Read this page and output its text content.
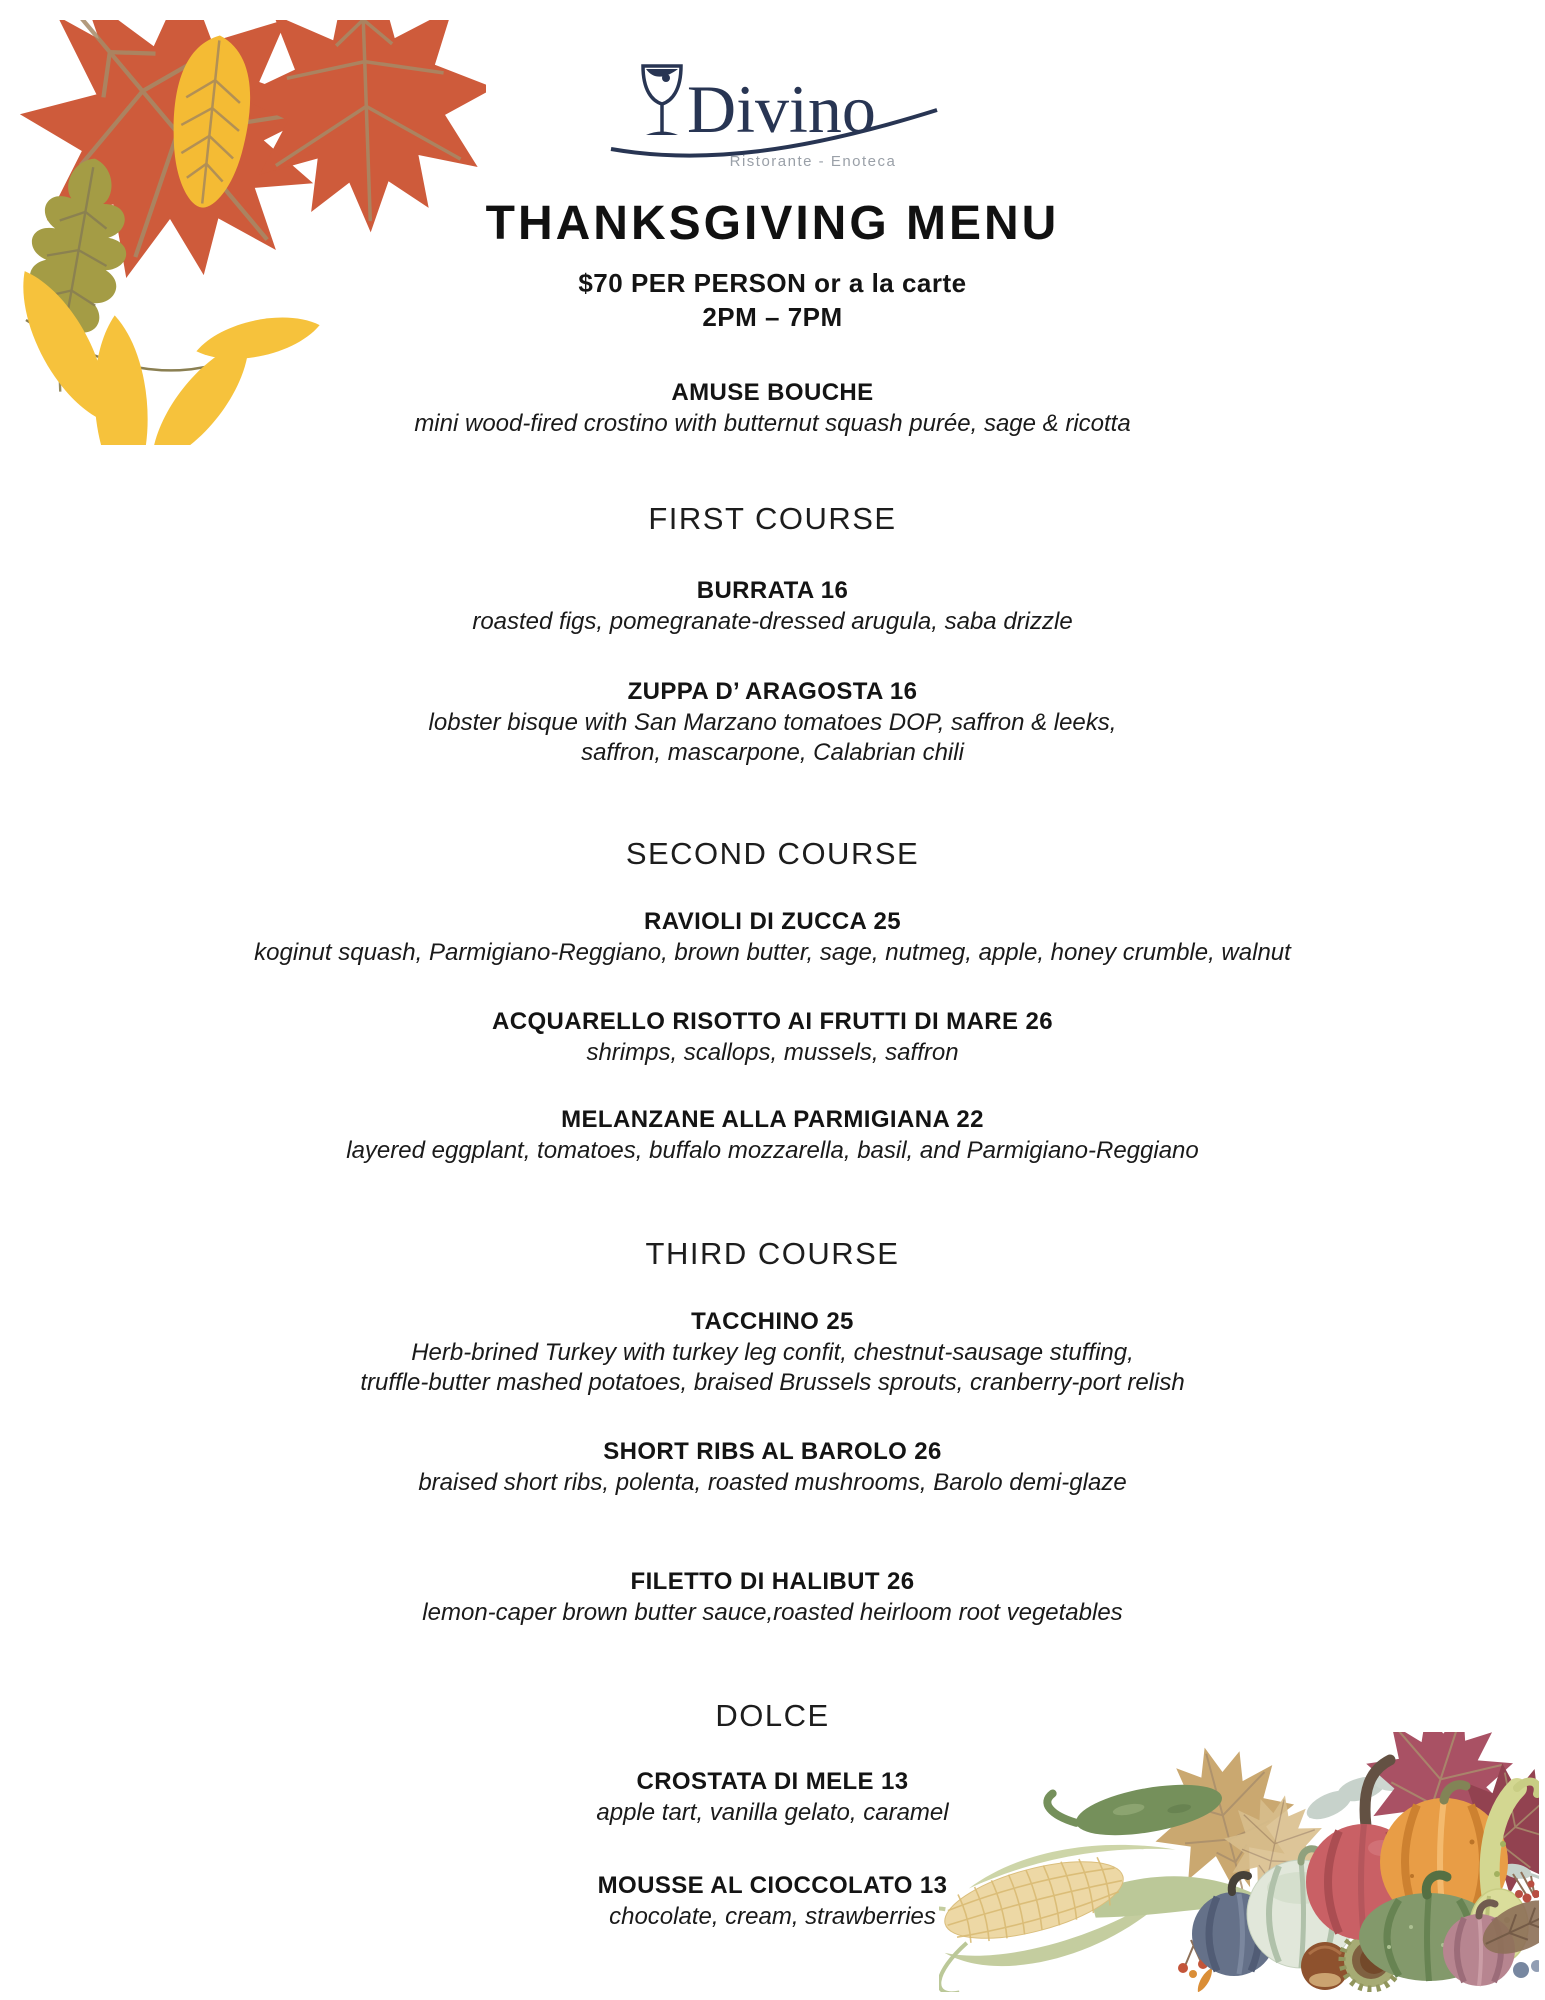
Divino
Ristorante - Enoteca
THANKSGIVING MENU
$70 PER PERSON or a la carte
2PM – 7PM
AMUSE BOUCHE
mini wood-fired crostino with butternut squash purée, sage & ricotta
FIRST COURSE
BURRATA 16
roasted figs, pomegranate-dressed arugula, saba drizzle
ZUPPA D’ ARAGOSTA 16
lobster bisque with San Marzano tomatoes DOP, saffron & leeks,
saffron, mascarpone, Calabrian chili
SECOND COURSE
RAVIOLI DI ZUCCA 25
koginut squash, Parmigiano-Reggiano, brown butter, sage, nutmeg, apple, honey crumble, walnut
ACQUARELLO RISOTTO AI FRUTTI DI MARE 26
shrimps, scallops, mussels, saffron
MELANZANE ALLA PARMIGIANA 22
layered eggplant, tomatoes, buffalo mozzarella, basil, and Parmigiano-Reggiano
THIRD COURSE
TACCHINO 25
Herb-brined Turkey with turkey leg confit, chestnut-sausage stuffing,
truffle-butter mashed potatoes, braised Brussels sprouts, cranberry-port relish
SHORT RIBS AL BAROLO 26
braised short ribs, polenta, roasted mushrooms, Barolo demi-glaze
FILETTO DI HALIBUT 26
lemon-caper brown butter sauce,roasted heirloom root vegetables
DOLCE
CROSTATA DI MELE 13
apple tart, vanilla gelato, caramel
MOUSSE AL CIOCCOLATO 13
chocolate, cream, strawberries
